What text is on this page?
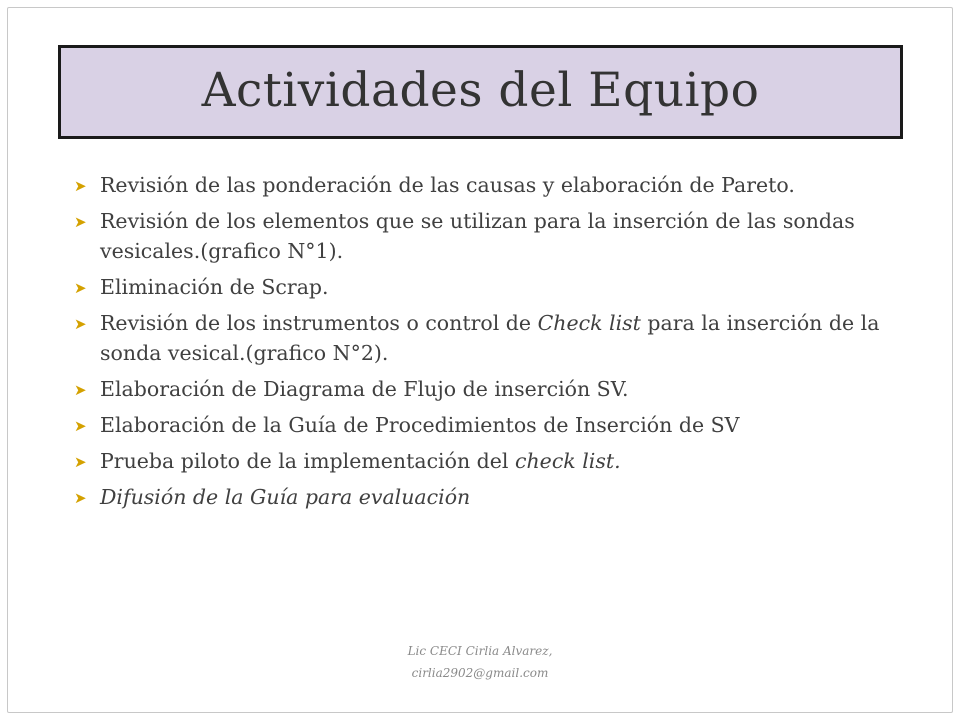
Actividades del Equipo
➤ Revisión de las ponderación de las causas y elaboración de Pareto.
➤ Revisión de los elementos que se utilizan para la inserción de las sondas vesicales.(grafico N°1).
➤ Eliminación de Scrap.
➤ Revisión de los instrumentos o control de Check list para la inserción de la sonda vesical.(grafico N°2).
➤ Elaboración de Diagrama de Flujo de inserción SV.
➤ Elaboración de la Guía de Procedimientos de Inserción de SV
➤ Prueba piloto de la implementación del check list.
➤ Difusión de la Guía para evaluación
Lic CECI Cirlia Alvarez,
cirlia2902@gmail.com
